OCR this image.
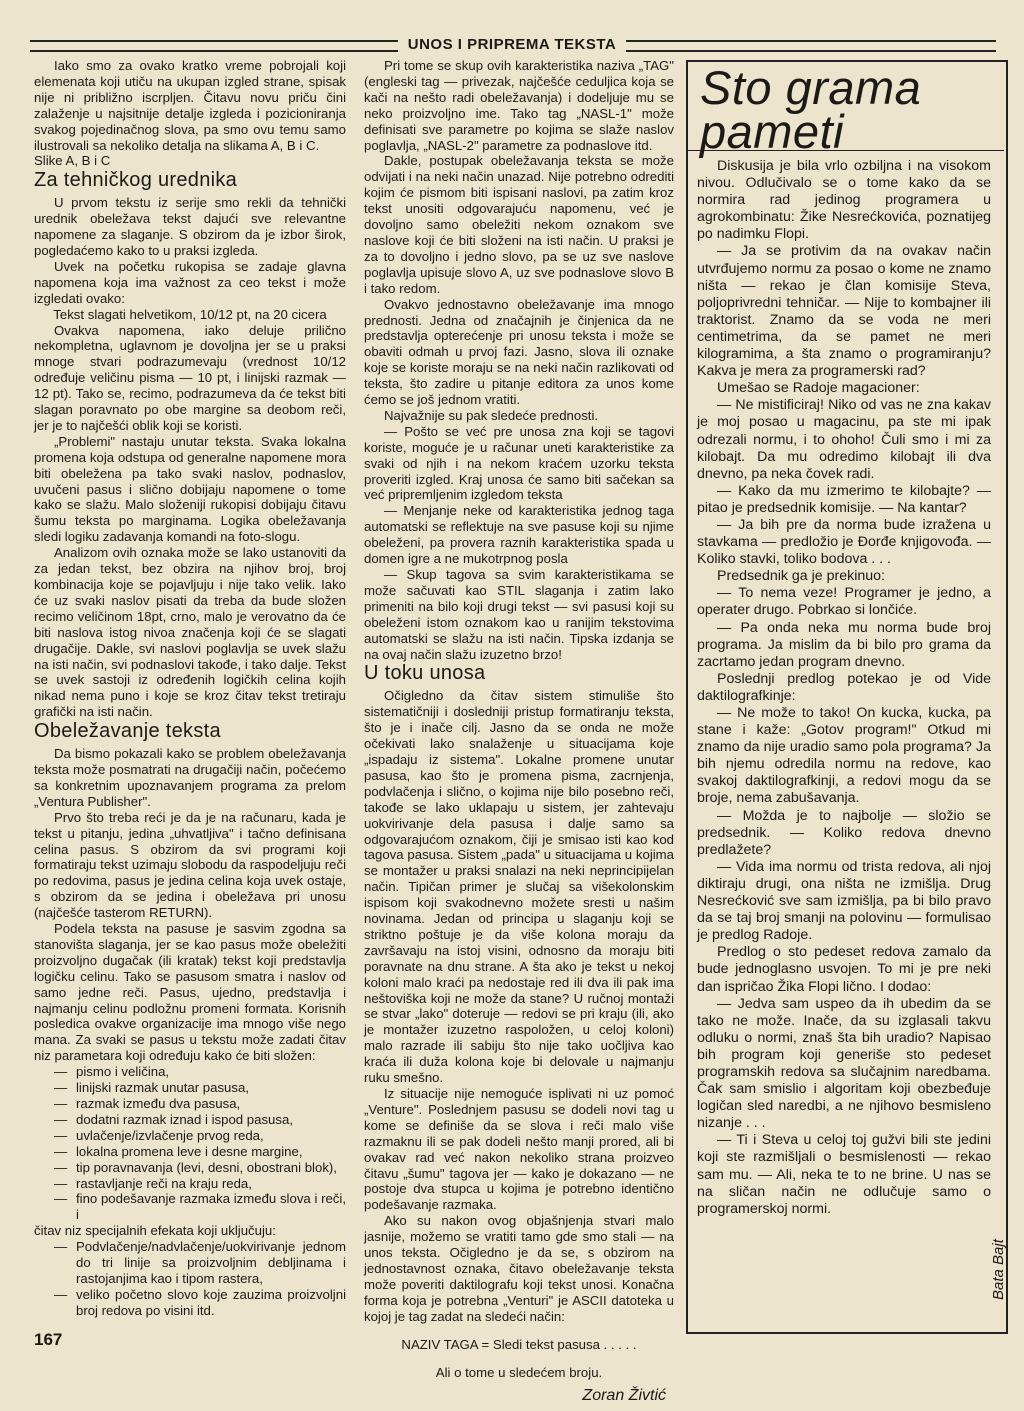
UNOS I PRIPREMA TEKSTA

Iako smo za ovako kratko vreme pobrojali koji elemenata koji utiču na ukupan izgled strane, spisak nije ni približno iscrpljen. Čitavu novu priču čini zalaženje u najsitnije detalje izgleda i pozicioniranja svakog pojedinačnog slova, pa smo ovu temu samo ilustrovali sa nekoliko detalja na slikama A, B i C.

Slike A, B i C

Za tehničkog urednika

U prvom tekstu iz serije smo rekli da tehnički urednik obeležava tekst dajući sve relevantne napomene za slaganje. S obzirom da je izbor širok, pogledaćemo kako to u praksi izgleda.

Uvek na početku rukopisa se zadaje glavna napomena koja ima važnost za ceo tekst i može izgledati ovako:

Tekst slagati helvetikom, 10/12 pt, na 20 cicera

Ovakva napomena, iako deluje prilično nekompletna, uglavnom je dovoljna jer se u praksi mnoge stvari podrazumevaju (vrednost 10/12 određuje veličinu pisma — 10 pt, i linijski razmak — 12 pt). Tako se, recimo, podrazumeva da će tekst biti slagan poravnato po obe margine sa deobom reči, jer je to najčešći oblik koji se koristi.

„Problemi" nastaju unutar teksta. Svaka lokalna promena koja odstupa od generalne napomene mora biti obeležena pa tako svaki naslov, podnaslov, uvučeni pasus i slično dobijaju napomene o tome kako se slažu. Malo složeniji rukopisi dobijaju čitavu šumu teksta po marginama. Logika obeležavanja sledi logiku zadavanja komandi na foto-slogu.

Analizom ovih oznaka može se lako ustanoviti da za jedan tekst, bez obzira na njihov broj, broj kombinacija koje se pojavljuju i nije tako velik. Iako će uz svaki naslov pisati da treba da bude složen recimo veličinom 18pt, crno, malo je verovatno da će biti naslova istog nivoa značenja koji će se slagati drugačije. Dakle, svi naslovi poglavlja se uvek slažu na isti način, svi podnaslovi takođe, i tako dalje. Tekst se uvek sastoji iz određenih logičkih celina kojih nikad nema puno i koje se kroz čitav tekst tretiraju grafički na isti način.

Obeležavanje teksta

Da bismo pokazali kako se problem obeležavanja teksta može posmatrati na drugačiji način, počećemo sa konkretnim upoznavanjem programa za prelom „Ventura Publisher".

Prvo što treba reći je da je na računaru, kada je tekst u pitanju, jedina „uhvatljiva" i tačno definisana celina pasus. S obzirom da svi programi koji formatiraju tekst uzimaju slobodu da raspodeljuju reči po redovima, pasus je jedina celina koja uvek ostaje, s obzirom da se jedina i obeležava pri unosu (najčešće tasterom RETURN).

Podela teksta na pasuse je sasvim zgodna sa stanovišta slaganja, jer se kao pasus može obeležiti proizvoljno dugačak (ili kratak) tekst koji predstavlja logičku celinu. Tako se pasusom smatra i naslov od samo jedne reči. Pasus, ujedno, predstavlja i najmanju celinu podložnu promeni formata. Korisnih posledica ovakve organizacije ima mnogo više nego mana. Za svaki se pasus u tekstu može zadati čitav niz parametara koji određuju kako će biti složen:

— pismo i veličina,
— linijski razmak unutar pasusa,
— razmak između dva pasusa,
— dodatni razmak iznad i ispod pasusa,
— uvlačenje/izvlačenje prvog reda,
— lokalna promena leve i desne margine,
— tip poravnavanja (levi, desni, obostrani blok),
— rastavljanje reči na kraju reda,
— fino podešavanje razmaka između slova i reči, i

čitav niz specijalnih efekata koji uključuju:

— Podvlačenje/nadvlačenje/uokvirivanje jednom do tri linije sa proizvoljnim debljinama i rastojanjima kao i tipom rastera,
— veliko početno slovo koje zauzima proizvoljni broj redova po visini itd.

Pri tome se skup ovih karakteristika naziva „TAG" (engleski tag — privezak, najčešće ceduljica koja se kači na nešto radi obeležavanja) i dodeljuje mu se neko proizvoljno ime. Tako tag „NASL-1" može definisati sve parametre po kojima se slaže naslov poglavlja, „NASL-2" parametre za podnaslove itd.

Dakle, postupak obeležavanja teksta se može odvijati i na neki način unazad. Nije potrebno odrediti kojim će pismom biti ispisani naslovi, pa zatim kroz tekst unositi odgovarajuću napomenu, već je dovoljno samo obeležiti nekom oznakom sve naslove koji će biti složeni na isti način. U praksi je za to dovoljno i jedno slovo, pa se uz sve naslove poglavlja upisuje slovo A, uz sve podnaslove slovo B i tako redom.

Ovakvo jednostavno obeležavanje ima mnogo prednosti. Jedna od značajnih je činjenica da ne predstavlja opterećenje pri unosu teksta i može se obaviti odmah u prvoj fazi. Jasno, slova ili oznake koje se koriste moraju se na neki način razlikovati od teksta, što zadire u pitanje editora za unos kome ćemo se još jednom vratiti.

Najvažnije su pak sledeće prednosti.

— Pošto se već pre unosa zna koji se tagovi koriste, moguće je u računar uneti karakteristike za svaki od njih i na nekom kraćem uzorku teksta proveriti izgled. Kraj unosa će samo biti sačekan sa već pripremljenim izgledom teksta

— Menjanje neke od karakteristika jednog taga automatski se reflektuje na sve pasuse koji su njime obeleženi, pa provera raznih karakteristika spada u domen igre a ne mukotrpnog posla

— Skup tagova sa svim karakteristikama se može sačuvati kao STIL slaganja i zatim lako primeniti na bilo koji drugi tekst — svi pasusi koji su obeleženi istom oznakom kao u ranijim tekstovima automatski se slažu na isti način. Tipska izdanja se na ovaj način slažu izuzetno brzo!

U toku unosa

Očigledno da čitav sistem stimuliše što sistematičniji i dosledniji pristup formatiranju teksta, što je i inače cilj. Jasno da se onda ne može očekivati lako snalaženje u situacijama koje „ispadaju iz sistema". Lokalne promene unutar pasusa, kao što je promena pisma, zacrnjenja, podvlačenja i slično, o kojima nije bilo posebno reči, takođe se lako uklapaju u sistem, jer zahtevaju uokvirivanje dela pasusa i dalje samo sa odgovarajućom oznakom, čiji je smisao isti kao kod tagova pasusa. Sistem „pada" u situacijama u kojima se montažer u praksi snalazi na neki neprincipijelan način. Tipičan primer je slučaj sa višekolonskim ispisom koji svakodnevno možete sresti u našim novinama. Jedan od principa u slaganju koji se striktno poštuje je da više kolona moraju da završavaju na istoj visini, odnosno da moraju biti poravnate na dnu strane. A šta ako je tekst u nekoj koloni malo kraći pa nedostaje red ili dva ili pak ima neštoviška koji ne može da stane? U ručnoj montaži se stvar „lako" doteruje — redovi se pri kraju (ili, ako je montažer izuzetno raspoložen, u celoj koloni) malo razrade ili sabiju što nije tako uočljiva kao kraća ili duža kolona koje bi delovale u najmanju ruku smešno.

Iz situacije nije nemoguće isplivati ni uz pomoć „Venture". Poslednjem pasusu se dodeli novi tag u kome se definiše da se slova i reči malo više razmaknu ili se pak dodeli nešto manji prored, ali bi ovakav rad već nakon nekoliko strana proizveo čitavu „šumu" tagova jer — kako je dokazano — ne postoje dva stupca u kojima je potrebno identično podešavanje razmaka.

Ako su nakon ovog objašnjenja stvari malo jasnije, možemo se vratiti tamo gde smo stali — na unos teksta. Očigledno je da se, s obzirom na jednostavnost oznaka, čitavo obeležavanje teksta može poveriti daktilografu koji tekst unosi. Konačna forma koja je potrebna „Venturi" je ASCII datoteka u kojoj je tag zadat na sledeći način:

NAZIV TAGA = Sledi tekst pasusa . . . . .

Ali o tome u sledećem broju.

Zoran Živtić
Sto grama
pameti

Diskusija je bila vrlo ozbiljna i na visokom nivou. Odlučivalo se o tome kako da se normira rad jedinog programera u agrokombinatu: Žike Nesrećkovića, poznatijeg po nadimku Flopi.

— Ja se protivim da na ovakav način utvrđujemo normu za posao o kome ne znamo ništa — rekao je član komisije Steva, poljoprivredni tehničar. — Nije to kombajner ili traktorist. Znamo da se voda ne meri centimetrima, da se pamet ne meri kilogramima, a šta znamo o programiranju? Kakva je mera za programerski rad?

Umešao se Radoje magacioner:

— Ne mistificiraj! Niko od vas ne zna kakav je moj posao u magacinu, pa ste mi ipak odrezali normu, i to ohoho! Čuli smo i mi za kilobajt. Da mu odredimo kilobajt ili dva dnevno, pa neka čovek radi.

— Kako da mu izmerimo te kilobajte? — pitao je predsednik komisije. — Na kantar?

— Ja bih pre da norma bude izražena u stavkama — predložio je Đorđe knjigovođa. — Koliko stavki, toliko bodova . . .

Predsednik ga je prekinuo:

— To nema veze! Programer je jedno, a operater drugo. Pobrkao si lončiće.

— Pa onda neka mu norma bude broj programa. Ja mislim da bi bilo pro grama da zacrtamo jedan program dnevno.

Poslednji predlog potekao je od Vide daktilografkinje:

— Ne može to tako! On kucka, kucka, pa stane i kaže: „Gotov program!" Otkud mi znamo da nije uradio samo pola programa? Ja bih njemu odredila normu na redove, kao svakoj daktilografkinji, a redovi mogu da se broje, nema zabušavanja.

— Možda je to najbolje — složio se predsednik. — Koliko redova dnevno predlažete?

— Vida ima normu od trista redova, ali njoj diktiraju drugi, ona ništa ne izmišlja. Drug Nesrećković sve sam izmišlja, pa bi bilo pravo da se taj broj smanji na polovinu — formulisao je predlog Radoje.

Predlog o sto pedeset redova zamalo da bude jednoglasno usvojen. To mi je pre neki dan ispričao Žika Flopi lično. I dodao:

— Jedva sam uspeo da ih ubedim da se tako ne može. Inače, da su izglasali takvu odluku o normi, znaš šta bih uradio? Napisao bih program koji generiše sto pedeset programskih redova sa slučajnim naredbama. Čak sam smislio i algoritam koji obezbeđuje logičan sled naredbi, a ne njihovo besmisleno nizanje . . .

— Ti i Steva u celoj toj gužvi bili ste jedini koji ste razmišljali o besmislenosti — rekao sam mu. — Ali, neka te to ne brine. U nas se na sličan način ne odlučuje samo o programerskoj normi.

Bata Bajt
167
